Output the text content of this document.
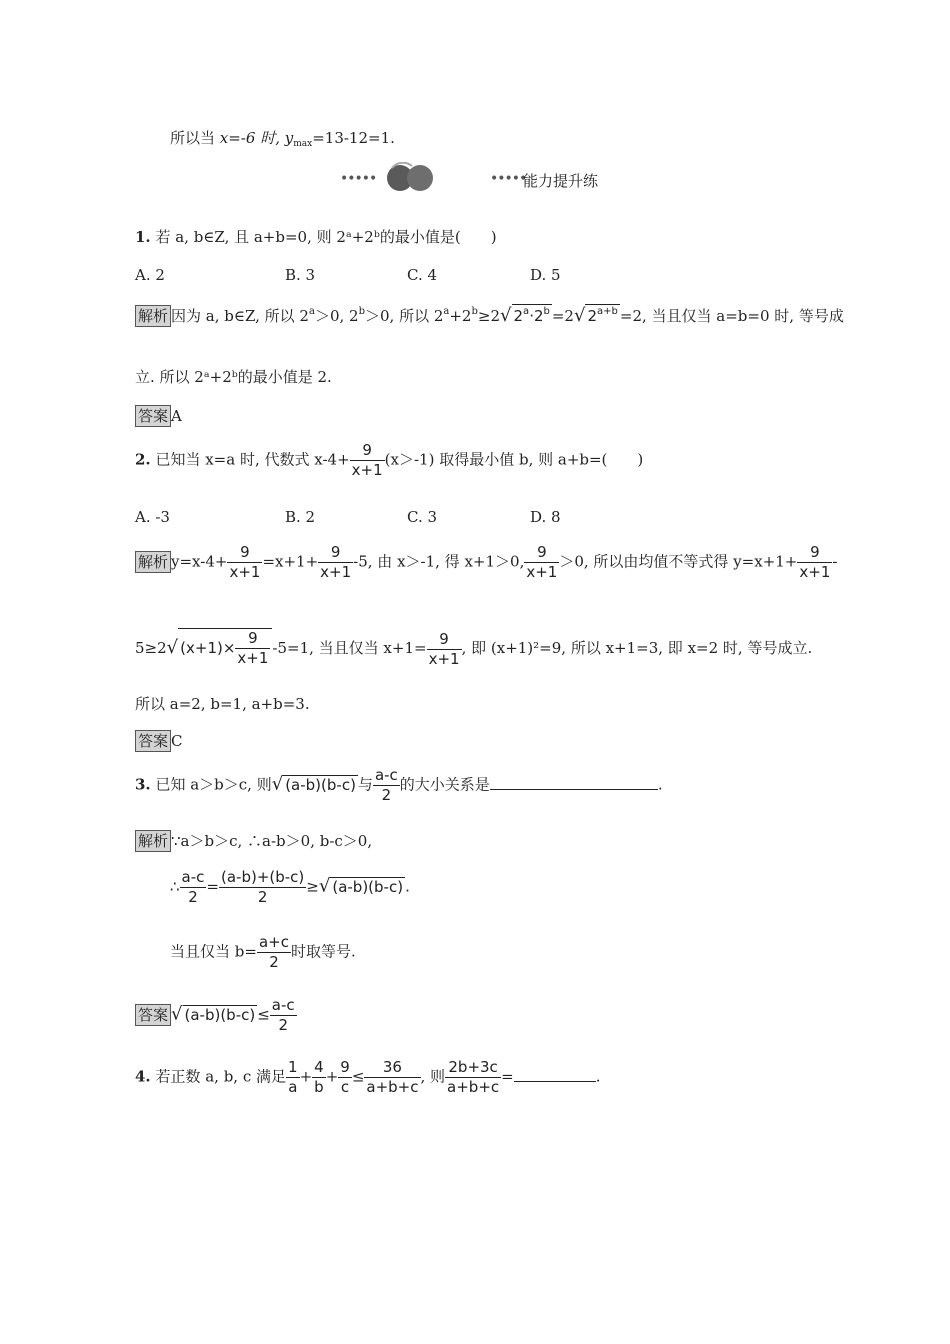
所以当 x=-6 时, $y_{max}=13-12=1$.
•••••	•••••
能力提升练
1. 若 a, b∈Z, 且 a+b=0, 则 2ᵃ+2ᵇ的最小值是(　　)
A. 2	B. 3	C. 4	D. 5
解析 因为 a, b∈Z, 所以 $2^a>0$, $2^b>0$, 所以 $2^a+2^b\ge 2√$ $2^a\cdot 2^b =2√$ $2^{a+b} =2$, 当且仅当 a=b=0 时, 等号成
立. 所以 2ᵃ+2ᵇ的最小值是 2.
答案 A
2. 已知当 x=a 时, 代数式 $x-4+ \frac{9}{x+1} (x>-1)$ 取得最小值 b, 则 a+b=(　　)
A. -3	B. 2	C. 3	D. 8
解析 $y=x-4+ \frac{9}{x+1} =x+1+ \frac{9}{x+1} -5$, 由 x＞-1, 得 x+1＞0, $\frac{9}{x+1} >0$, 所以由均值不等式得 $y=x+1+ \frac{9}{x+1}$ -
5≥2√ $(x+1)\times \frac{9}{x+1} -5=1$, 当且仅当 $x+1= \frac{9}{x+1}$ , 即 (x+1)²=9, 所以 x+1=3, 即 x=2 时, 等号成立.
所以 a=2, b=1, a+b=3.
答案 C
3. 已知 a＞b＞c, 则√ (a-b)(b-c) 与 $\frac{a-c}{2}$ 的大小关系是	.
解析 ∵a＞b＞c, ∴a-b＞0, b-c＞0,
∴ $\frac{a-c}{2} = \frac{(a-b)+(b-c)}{2}$ ≥√ (a-b)(b-c) .
当且仅当 $b= \frac{a+c}{2}$ 时取等号.
答案 √ $(a-b)(b-c) \le \frac{a-c}{2}$
4. 若正数 a, b, c 满足 $\frac{1}{a} + \frac{4}{b} + \frac{9}{c} \le \frac{36}{a+b+c}$ , 则 $\frac{2b+3c}{a+b+c}$ =	.
